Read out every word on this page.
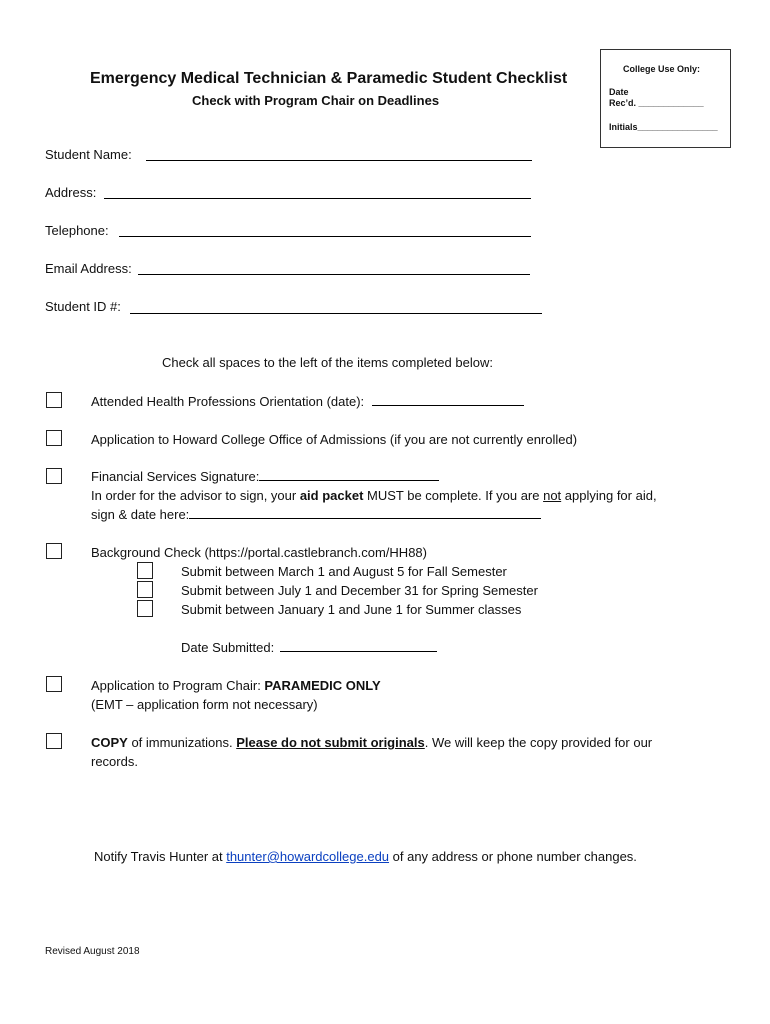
Emergency Medical Technician & Paramedic Student Checklist
Check with Program Chair on Deadlines
College Use Only:
Date
Rec’d. _____________
Initials________________
Student Name:
Address:
Telephone:
Email Address:
Student ID #:
Check all spaces to the left of the items completed below:
Attended Health Professions Orientation (date):
Application to Howard College Office of Admissions (if you are not currently enrolled)
Financial Services Signature:
In order for the advisor to sign, your aid packet MUST be complete. If you are not applying for aid,
sign & date here:
Background Check (https://portal.castlebranch.com/HH88)
Submit between March 1 and August 5 for Fall Semester
Submit between July 1 and December 31 for Spring Semester
Submit between January 1 and June 1 for Summer classes
Date Submitted:
Application to Program Chair: PARAMEDIC ONLY
(EMT – application form not necessary)
COPY of immunizations. Please do not submit originals. We will keep the copy provided for our
records.
Notify Travis Hunter at thunter@howardcollege.edu of any address or phone number changes.
Revised August 2018
